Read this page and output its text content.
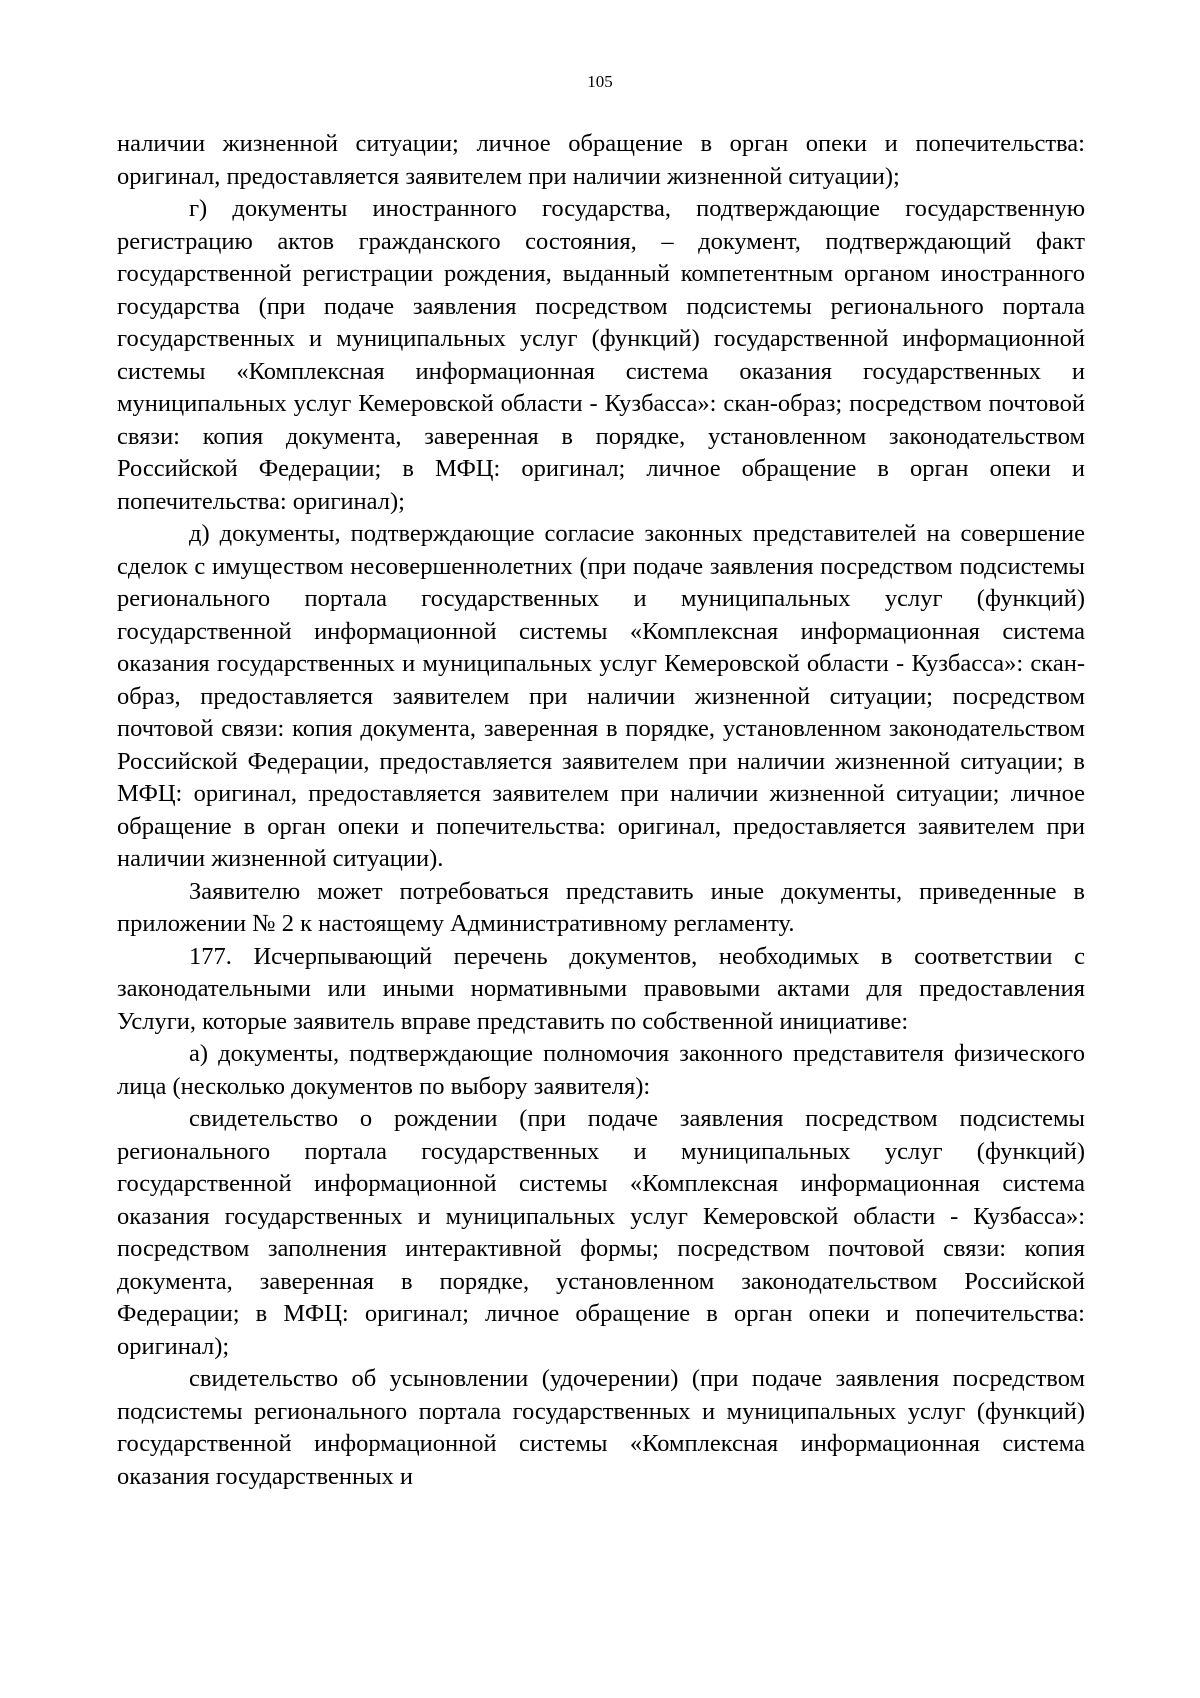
105

наличии жизненной ситуации; личное обращение в орган опеки и попечительства: оригинал, предоставляется заявителем при наличии жизненной ситуации);

г) документы иностранного государства, подтверждающие государственную регистрацию актов гражданского состояния, – документ, подтверждающий факт государственной регистрации рождения, выданный компетентным органом иностранного государства (при подаче заявления посредством подсистемы регионального портала государственных и муниципальных услуг (функций) государственной информационной системы «Комплексная информационная система оказания государственных и муниципальных услуг Кемеровской области - Кузбасса»: скан-образ; посредством почтовой связи: копия документа, заверенная в порядке, установленном законодательством Российской Федерации; в МФЦ: оригинал; личное обращение в орган опеки и попечительства: оригинал);

д) документы, подтверждающие согласие законных представителей на совершение сделок с имуществом несовершеннолетних (при подаче заявления посредством подсистемы регионального портала государственных и муниципальных услуг (функций) государственной информационной системы «Комплексная информационная система оказания государственных и муниципальных услуг Кемеровской области - Кузбасса»: скан-образ, предоставляется заявителем при наличии жизненной ситуации; посредством почтовой связи: копия документа, заверенная в порядке, установленном законодательством Российской Федерации, предоставляется заявителем при наличии жизненной ситуации; в МФЦ: оригинал, предоставляется заявителем при наличии жизненной ситуации; личное обращение в орган опеки и попечительства: оригинал, предоставляется заявителем при наличии жизненной ситуации).

Заявителю может потребоваться представить иные документы, приведенные в приложении № 2 к настоящему Административному регламенту.

177. Исчерпывающий перечень документов, необходимых в соответствии с законодательными или иными нормативными правовыми актами для предоставления Услуги, которые заявитель вправе представить по собственной инициативе:

а) документы, подтверждающие полномочия законного представителя физического лица (несколько документов по выбору заявителя):

свидетельство о рождении (при подаче заявления посредством подсистемы регионального портала государственных и муниципальных услуг (функций) государственной информационной системы «Комплексная информационная система оказания государственных и муниципальных услуг Кемеровской области - Кузбасса»: посредством заполнения интерактивной формы; посредством почтовой связи: копия документа, заверенная в порядке, установленном законодательством Российской Федерации; в МФЦ: оригинал; личное обращение в орган опеки и попечительства: оригинал);

свидетельство об усыновлении (удочерении) (при подаче заявления посредством подсистемы регионального портала государственных и муниципальных услуг (функций) государственной информационной системы «Комплексная информационная система оказания государственных и
